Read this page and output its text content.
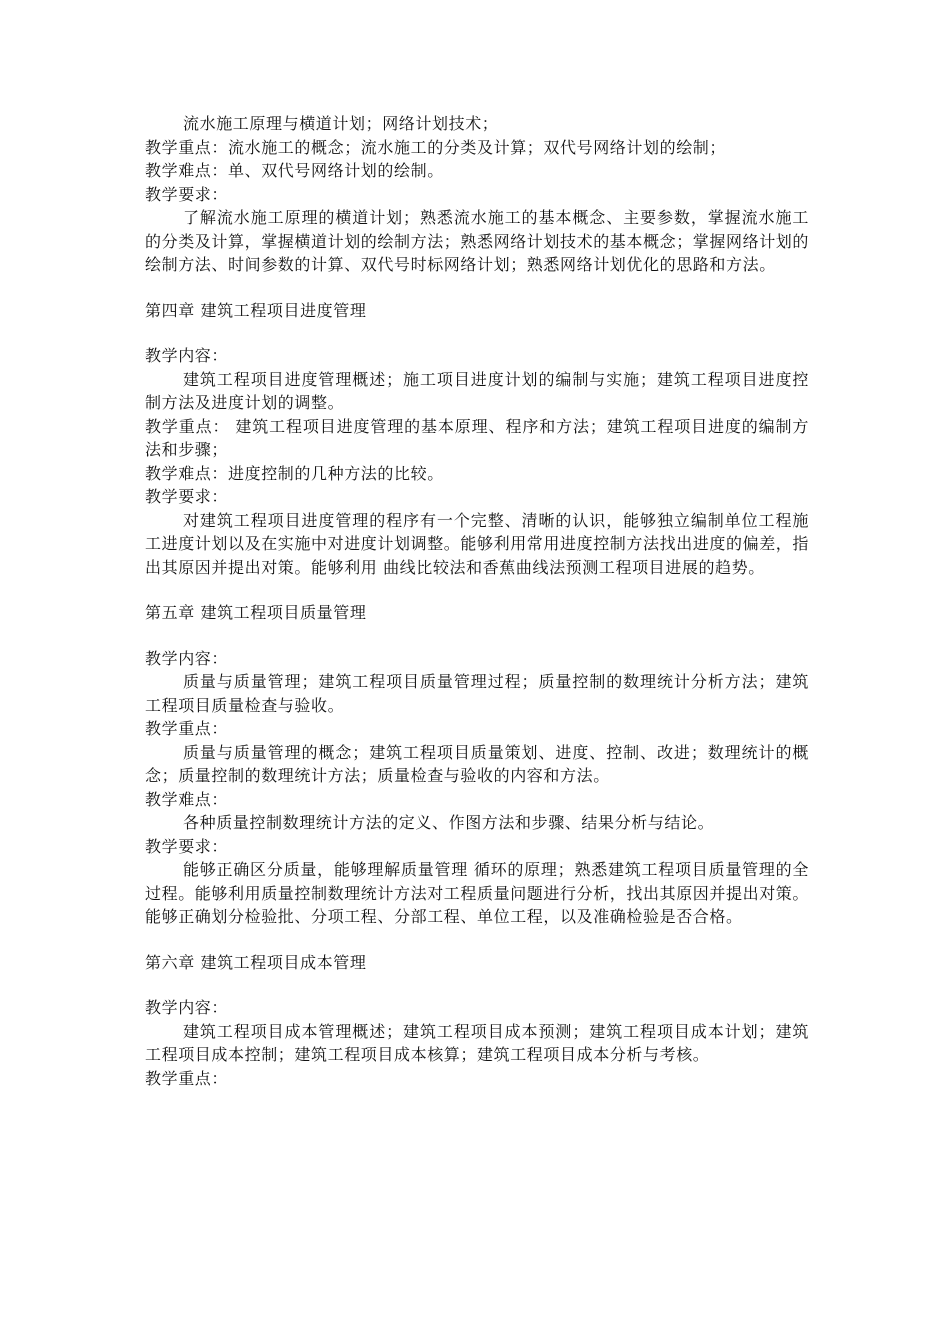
流水施工原理与横道计划；网络计划技术；

教学重点：流水施工的概念；流水施工的分类及计算；双代号网络计划的绘制；

教学难点：单、双代号网络计划的绘制。

教学要求：

了解流水施工原理的横道计划；熟悉流水施工的基本概念、主要参数，掌握流水施工的分类及计算，掌握横道计划的绘制方法；熟悉网络计划技术的基本概念；掌握网络计划的绘制方法、时间参数的计算、双代号时标网络计划；熟悉网络计划优化的思路和方法。

第四章 建筑工程项目进度管理

教学内容：

建筑工程项目进度管理概述；施工项目进度计划的编制与实施；建筑工程项目进度控制方法及进度计划的调整。

教学重点： 建筑工程项目进度管理的基本原理、程序和方法；建筑工程项目进度的编制方法和步骤；

教学难点：进度控制的几种方法的比较。

教学要求：

对建筑工程项目进度管理的程序有一个完整、清晰的认识，能够独立编制单位工程施工进度计划以及在实施中对进度计划调整。能够利用常用进度控制方法找出进度的偏差，指出其原因并提出对策。能够利用 曲线比较法和香蕉曲线法预测工程项目进展的趋势。

第五章 建筑工程项目质量管理

教学内容：

质量与质量管理；建筑工程项目质量管理过程；质量控制的数理统计分析方法；建筑工程项目质量检查与验收。

教学重点：

质量与质量管理的概念；建筑工程项目质量策划、进度、控制、改进；数理统计的概念；质量控制的数理统计方法；质量检查与验收的内容和方法。

教学难点：

各种质量控制数理统计方法的定义、作图方法和步骤、结果分析与结论。

教学要求：

能够正确区分质量，能够理解质量管理 循环的原理；熟悉建筑工程项目质量管理的全过程。能够利用质量控制数理统计方法对工程质量问题进行分析，找出其原因并提出对策。能够正确划分检验批、分项工程、分部工程、单位工程，以及准确检验是否合格。

第六章 建筑工程项目成本管理

教学内容：

建筑工程项目成本管理概述；建筑工程项目成本预测；建筑工程项目成本计划；建筑工程项目成本控制；建筑工程项目成本核算；建筑工程项目成本分析与考核。

教学重点：
